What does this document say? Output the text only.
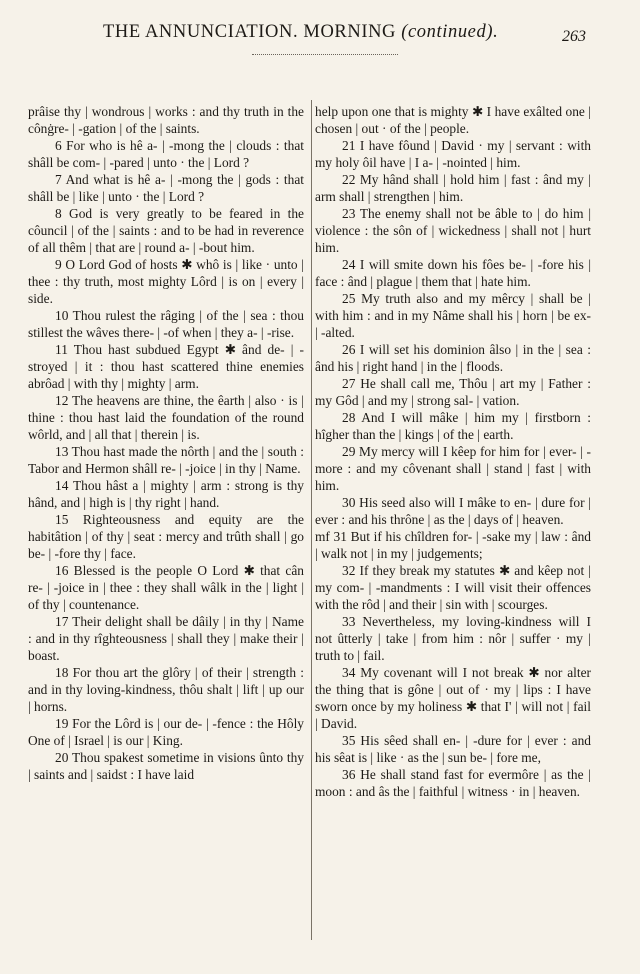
THE ANNUNCIATION. MORNING (continued).	263

prâise thy | wondrous | works : and thy truth in the cônġre- | -gation | of the | saints.

6 For who is hê a- | -mong the | clouds : that shâll be com- | -pared | unto · the | Lord ?

7 And what is hê a- | -mong the | gods : that shâll be | like | unto · the | Lord ?

8 God is very greatly to be feared in the côuncil | of the | saints : and to be had in reverence of all thêm | that are | round a- | -bout him.

9 O Lord God of hosts ✱ whô is | like · unto | thee : thy truth, most mighty Lôrd | is on | every | side.

10 Thou rulest the râging | of the | sea : thou stillest the wâves there- | -of when | they a- | -rise.

11 Thou hast subdued Egypt ✱ ând de- | -stroyed | it : thou hast scattered thine enemies abrôad | with thy | mighty | arm.

12 The heavens are thine, the êarth | also · is | thine : thou hast laid the foundation of the round wôrld, and | all that | therein | is.

13 Thou hast made the nôrth | and the | south : Tabor and Hermon shâll re- | -joice | in thy | Name.

14 Thou hâst a | mighty | arm : strong is thy hând, and | high is | thy right | hand.

15 Righteousness and equity are the habitâtion | of thy | seat : mercy and trûth shall | go be- | -fore thy | face.

16 Blessed is the people O Lord ✱ that cân re- | -joice in | thee : they shall wâlk in the | light | of thy | countenance.

17 Their delight shall be dâily | in thy | Name : and in thy rîghteousness | shall they | make their | boast.

18 For thou art the glôry | of their | strength : and in thy loving-kindness, thôu shalt | lift | up our | horns.

19 For the Lôrd is | our de- | -fence : the Hôly One of | Israel | is our | King.

20 Thou spakest sometime in visions ûnto thy | saints and | saidst : I have laid

help upon one that is mighty ✱ I have exâlted one | chosen | out · of the | people.

21 I have fôund | David · my | servant : with my holy ôil have | I a- | -nointed | him.

22 My hând shall | hold him | fast : ând my | arm shall | strengthen | him.

23 The enemy shall not be âble to | do him | violence : the sôn of | wickedness | shall not | hurt him.

24 I will smite down his fôes be- | -fore his | face : ând | plague | them that | hate him.

25 My truth also and my mêrcy | shall be | with him : and in my Nâme shall his | horn | be ex- | -alted.

26 I will set his dominion âlso | in the | sea : ând his | right hand | in the | floods.

27 He shall call me, Thôu | art my | Father : my Gôd | and my | strong sal- | vation.

28 And I will mâke | him my | firstborn : hîgher than the | kings | of the | earth.

29 My mercy will I kêep for him for | ever- | -more : and my côvenant shall | stand | fast | with him.

30 His seed also will I mâke to en- | dure for | ever : and his thrône | as the | days of | heaven.

mf 31 But if his chîldren for- | -sake my | law : ând | walk not | in my | judgements;

32 If they break my statutes ✱ and kêep not | my com- | -mandments : I will visit their offences with the rôd | and their | sin with | scourges.

33 Nevertheless, my loving-kindness will I not ûtterly | take | from him : nôr | suffer · my | truth to | fail.

34 My covenant will I not break ✱ nor alter the thing that is gône | out of · my | lips : I have sworn once by my holiness ✱ that I' | will not | fail | David.

35 His sêed shall en- | -dure for | ever : and his sêat is | like · as the | sun be- | fore me,

36 He shall stand fast for evermôre | as the | moon : and âs the | faithful | witness · in | heaven.
